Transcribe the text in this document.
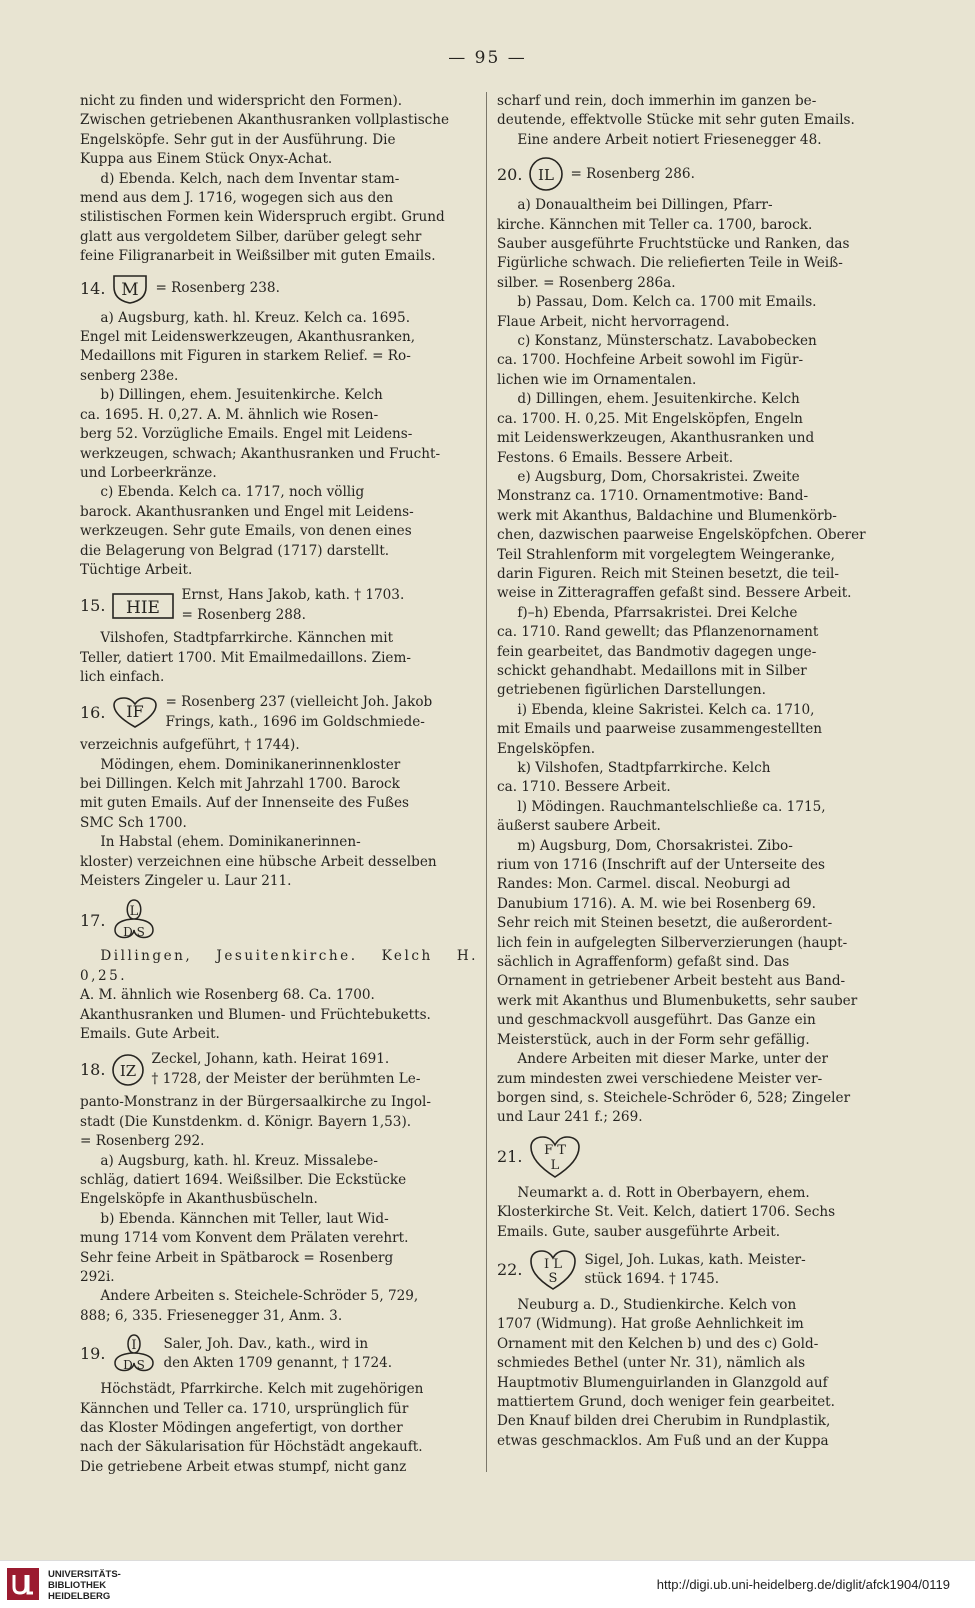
— 95 —

nicht zu finden und widerspricht den Formen).

Zwischen getriebenen Akanthusranken vollplastische

Engelsköpfe. Sehr gut in der Ausführung. Die

Kuppa aus Einem Stück Onyx-Achat.

d) Ebenda. Kelch, nach dem Inventar stam-

mend aus dem J. 1716, wogegen sich aus den

stilistischen Formen kein Widerspruch ergibt. Grund

glatt aus vergoldetem Silber, darüber gelegt sehr

feine Filigranarbeit in Weißsilber mit guten Emails.

14. M = Rosenberg 238.

a) Augsburg, kath. hl. Kreuz. Kelch ca. 1695.

Engel mit Leidenswerkzeugen, Akanthusranken,

Medaillons mit Figuren in starkem Relief. = Ro-

senberg 238e.

b) Dillingen, ehem. Jesuitenkirche. Kelch

ca. 1695. H. 0,27. A. M. ähnlich wie Rosen-

berg 52. Vorzügliche Emails. Engel mit Leidens-

werkzeugen, schwach; Akanthusranken und Frucht-

und Lorbeerkränze.

c) Ebenda. Kelch ca. 1717, noch völlig

barock. Akanthusranken und Engel mit Leidens-

werkzeugen. Sehr gute Emails, von denen eines

die Belagerung von Belgrad (1717) darstellt.

Tüchtige Arbeit.

15. HIE
Ernst, Hans Jakob, kath. † 1703.
= Rosenberg 288.

Vilshofen, Stadtpfarrkirche. Kännchen mit

Teller, datiert 1700. Mit Emailmedaillons. Ziem-

lich einfach.

16. IF = Rosenberg 237 (vielleicht Joh. Jakob
Frings, kath., 1696 im Goldschmiede-

verzeichnis aufgeführt, † 1744).

Mödingen, ehem. Dominikanerinnenkloster

bei Dillingen. Kelch mit Jahrzahl 1700. Barock

mit guten Emails. Auf der Innenseite des Fußes

SMC Sch 1700.

In Habstal (ehem. Dominikanerinnen-

kloster) verzeichnen eine hübsche Arbeit desselben

Meisters Zingeler u. Laur 211.

17. L
D S

Dillingen, Jesuitenkirche. Kelch H. 0,25.

A. M. ähnlich wie Rosenberg 68. Ca. 1700.

Akanthusranken und Blumen- und Früchtebuketts.

Emails. Gute Arbeit.

18. IZ
Zeckel, Johann, kath. Heirat 1691.
† 1728, der Meister der berühmten Le-

panto-Monstranz in der Bürgersaalkirche zu Ingol-

stadt (Die Kunstdenkm. d. Königr. Bayern 1,53).

= Rosenberg 292.

a) Augsburg, kath. hl. Kreuz. Missalebe-

schläg, datiert 1694. Weißsilber. Die Eckstücke

Engelsköpfe in Akanthusbüscheln.

b) Ebenda. Kännchen mit Teller, laut Wid-

mung 1714 vom Konvent dem Prälaten verehrt.

Sehr feine Arbeit in Spätbarock = Rosenberg

292i.

Andere Arbeiten s. Steichele-Schröder 5, 729,

888; 6, 335. Friesenegger 31, Anm. 3.

19. I
D S
Saler, Joh. Dav., kath., wird in
den Akten 1709 genannt, † 1724.

Höchstädt, Pfarrkirche. Kelch mit zugehörigen

Kännchen und Teller ca. 1710, ursprünglich für

das Kloster Mödingen angefertigt, von dorther

nach der Säkularisation für Höchstädt angekauft.

Die getriebene Arbeit etwas stumpf, nicht ganz

scharf und rein, doch immerhin im ganzen be-

deutende, effektvolle Stücke mit sehr guten Emails.

Eine andere Arbeit notiert Friesenegger 48.

20. IL = Rosenberg 286.

a) Donaualtheim bei Dillingen, Pfarr-

kirche. Kännchen mit Teller ca. 1700, barock.

Sauber ausgeführte Fruchtstücke und Ranken, das

Figürliche schwach. Die reliefierten Teile in Weiß-

silber. = Rosenberg 286a.

b) Passau, Dom. Kelch ca. 1700 mit Emails.

Flaue Arbeit, nicht hervorragend.

c) Konstanz, Münsterschatz. Lavabobecken

ca. 1700. Hochfeine Arbeit sowohl im Figür-

lichen wie im Ornamentalen.

d) Dillingen, ehem. Jesuitenkirche. Kelch

ca. 1700. H. 0,25. Mit Engelsköpfen, Engeln

mit Leidenswerkzeugen, Akanthusranken und

Festons. 6 Emails. Bessere Arbeit.

e) Augsburg, Dom, Chorsakristei. Zweite

Monstranz ca. 1710. Ornamentmotive: Band-

werk mit Akanthus, Baldachine und Blumenkörb-

chen, dazwischen paarweise Engelsköpfchen. Oberer

Teil Strahlenform mit vorgelegtem Weingeranke,

darin Figuren. Reich mit Steinen besetzt, die teil-

weise in Zitteragraffen gefaßt sind. Bessere Arbeit.

f)–h) Ebenda, Pfarrsakristei. Drei Kelche

ca. 1710. Rand gewellt; das Pflanzenornament

fein gearbeitet, das Bandmotiv dagegen unge-

schickt gehandhabt. Medaillons mit in Silber

getriebenen figürlichen Darstellungen.

i) Ebenda, kleine Sakristei. Kelch ca. 1710,

mit Emails und paarweise zusammengestellten

Engelsköpfen.

k) Vilshofen, Stadtpfarrkirche. Kelch

ca. 1710. Bessere Arbeit.

l) Mödingen. Rauchmantelschließe ca. 1715,

äußerst saubere Arbeit.

m) Augsburg, Dom, Chorsakristei. Zibo-

rium von 1716 (Inschrift auf der Unterseite des

Randes: Mon. Carmel. discal. Neoburgi ad

Danubium 1716). A. M. wie bei Rosenberg 69.

Sehr reich mit Steinen besetzt, die außerordent-

lich fein in aufgelegten Silberverzierungen (haupt-

sächlich in Agraffenform) gefaßt sind. Das

Ornament in getriebener Arbeit besteht aus Band-

werk mit Akanthus und Blumenbuketts, sehr sauber

und geschmackvoll ausgeführt. Das Ganze ein

Meisterstück, auch in der Form sehr gefällig.

Andere Arbeiten mit dieser Marke, unter der

zum mindesten zwei verschiedene Meister ver-

borgen sind, s. Steichele-Schröder 6, 528; Zingeler

und Laur 241 f.; 269.

21. F T
L

Neumarkt a. d. Rott in Oberbayern, ehem.

Klosterkirche St. Veit. Kelch, datiert 1706. Sechs

Emails. Gute, sauber ausgeführte Arbeit.

22. I L
S
Sigel, Joh. Lukas, kath. Meister-
stück 1694. † 1745.

Neuburg a. D., Studienkirche. Kelch von

1707 (Widmung). Hat große Aehnlichkeit im

Ornament mit den Kelchen b) und des c) Gold-

schmiedes Bethel (unter Nr. 31), nämlich als

Hauptmotiv Blumenguirlanden in Glanzgold auf

mattiertem Grund, doch weniger fein gearbeitet.

Den Knauf bilden drei Cherubim in Rundplastik,

etwas geschmacklos. Am Fuß und an der Kuppa

UNIVERSITÄTS-
BIBLIOTHEK
HEIDELBERG
http://digi.ub.uni-heidelberg.de/diglit/afck1904/0119
